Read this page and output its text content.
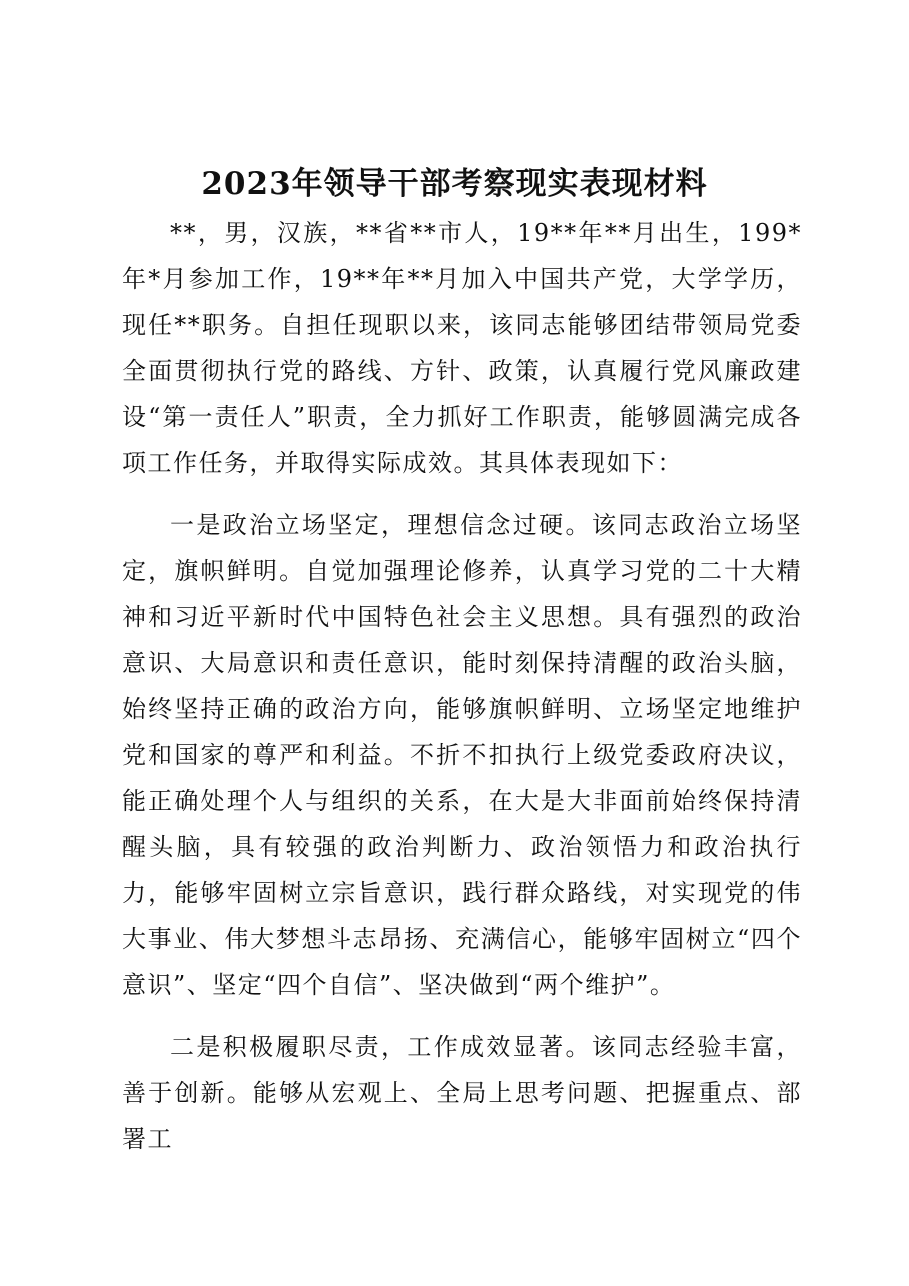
2023年领导干部考察现实表现材料

**，男，汉族，**省**市人，19**年**月出生，199*年*月参加工作，19**年**月加入中国共产党，大学学历，现任**职务。自担任现职以来，该同志能够团结带领局党委全面贯彻执行党的路线、方针、政策，认真履行党风廉政建设“第一责任人”职责，全力抓好工作职责，能够圆满完成各项工作任务，并取得实际成效。其具体表现如下：

一是政治立场坚定，理想信念过硬。该同志政治立场坚定，旗帜鲜明。自觉加强理论修养，认真学习党的二十大精神和习近平新时代中国特色社会主义思想。具有强烈的政治意识、大局意识和责任意识，能时刻保持清醒的政治头脑，始终坚持正确的政治方向，能够旗帜鲜明、立场坚定地维护党和国家的尊严和利益。不折不扣执行上级党委政府决议，能正确处理个人与组织的关系，在大是大非面前始终保持清醒头脑，具有较强的政治判断力、政治领悟力和政治执行力，能够牢固树立宗旨意识，践行群众路线，对实现党的伟大事业、伟大梦想斗志昂扬、充满信心，能够牢固树立“四个意识”、坚定“四个自信”、坚决做到“两个维护”。

二是积极履职尽责，工作成效显著。该同志经验丰富，善于创新。能够从宏观上、全局上思考问题、把握重点、部署工
